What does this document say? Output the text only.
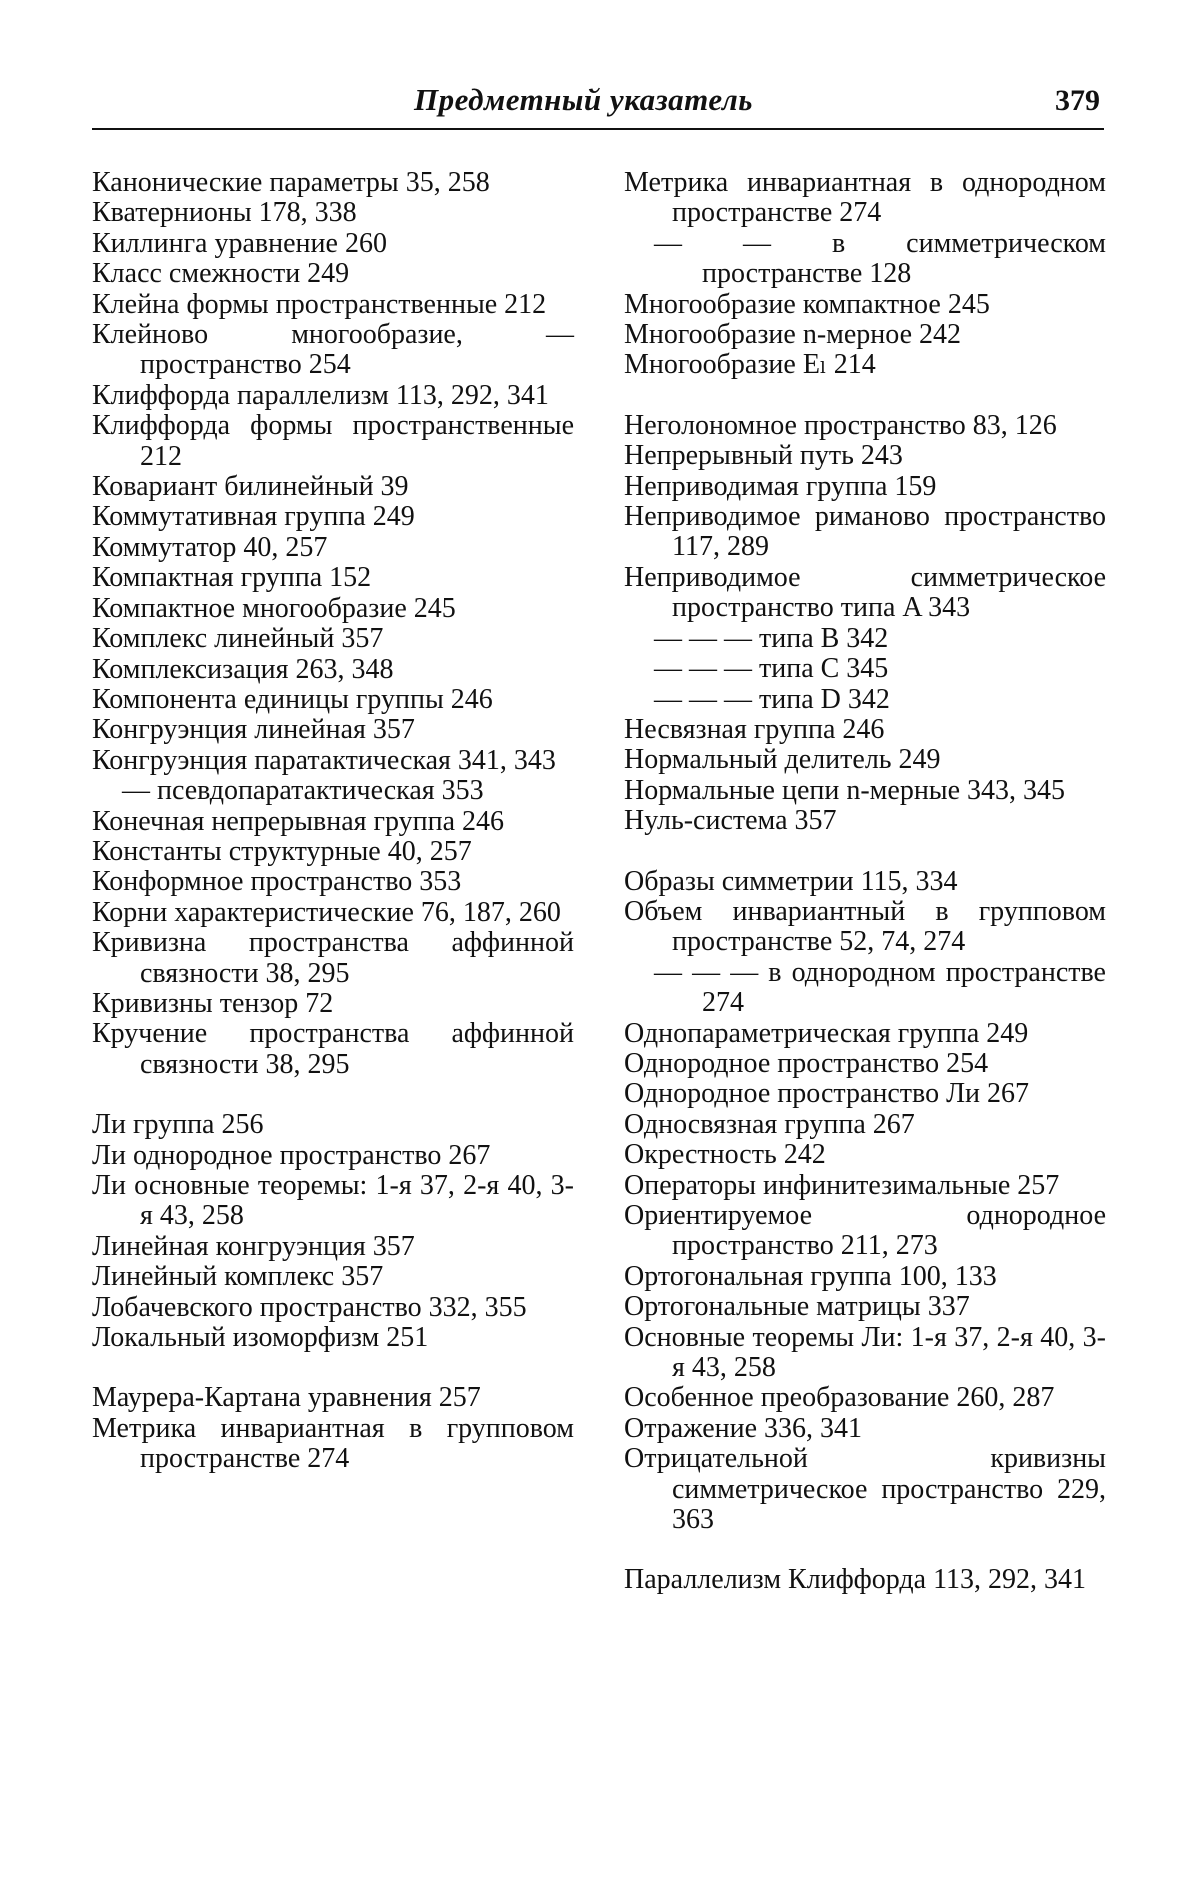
Предметный указатель	379

Канонические параметры 35, 258

Кватернионы 178, 338

Киллинга уравнение 260

Класс смежности 249

Клейна формы пространственные 212

Клейново многообразие, — пространство 254

Клиффорда параллелизм 113, 292, 341

Клиффорда формы пространственные 212

Ковариант билинейный 39

Коммутативная группа 249

Коммутатор 40, 257

Компактная группа 152

Компактное многообразие 245

Комплекс линейный 357

Комплексизация 263, 348

Компонента единицы группы 246

Конгруэнция линейная 357

Конгруэнция паратактическая 341, 343

— псевдопаратактическая 353

Конечная непрерывная группа 246

Константы структурные 40, 257

Конформное пространство 353

Корни характеристические 76, 187, 260

Кривизна пространства аффинной связности 38, 295

Кривизны тензор 72

Кручение пространства аффинной связности 38, 295

Ли группа 256

Ли однородное пространство 267

Ли основные теоремы: 1-я 37, 2-я 40, 3-я 43, 258

Линейная конгруэнция 357

Линейный комплекс 357

Лобачевского пространство 332, 355

Локальный изоморфизм 251

Маурера-Картана уравнения 257

Метрика инвариантная в групповом пространстве 274

Метрика инвариантная в однородном пространстве 274

— — в симметрическом пространстве 128

Многообразие компактное 245

Многообразие n-мерное 242

Многообразие Eₗ 214

Неголономное пространство 83, 126

Непрерывный путь 243

Неприводимая группа 159

Неприводимое риманово пространство 117, 289

Неприводимое симметрическое пространство типа A 343

— — — типа B 342

— — — типа C 345

— — — типа D 342

Несвязная группа 246

Нормальный делитель 249

Нормальные цепи n-мерные 343, 345

Нуль-система 357

Образы симметрии 115, 334

Объем инвариантный в групповом пространстве 52, 74, 274

— — — в однородном пространстве 274

Однопараметрическая группа 249

Однородное пространство 254

Однородное пространство Ли 267

Односвязная группа 267

Окрестность 242

Операторы инфинитезимальные 257

Ориентируемое однородное пространство 211, 273

Ортогональная группа 100, 133

Ортогональные матрицы 337

Основные теоремы Ли: 1-я 37, 2-я 40, 3-я 43, 258

Особенное преобразование 260, 287

Отражение 336, 341

Отрицательной кривизны симметрическое пространство 229, 363

Параллелизм Клиффорда 113, 292, 341
